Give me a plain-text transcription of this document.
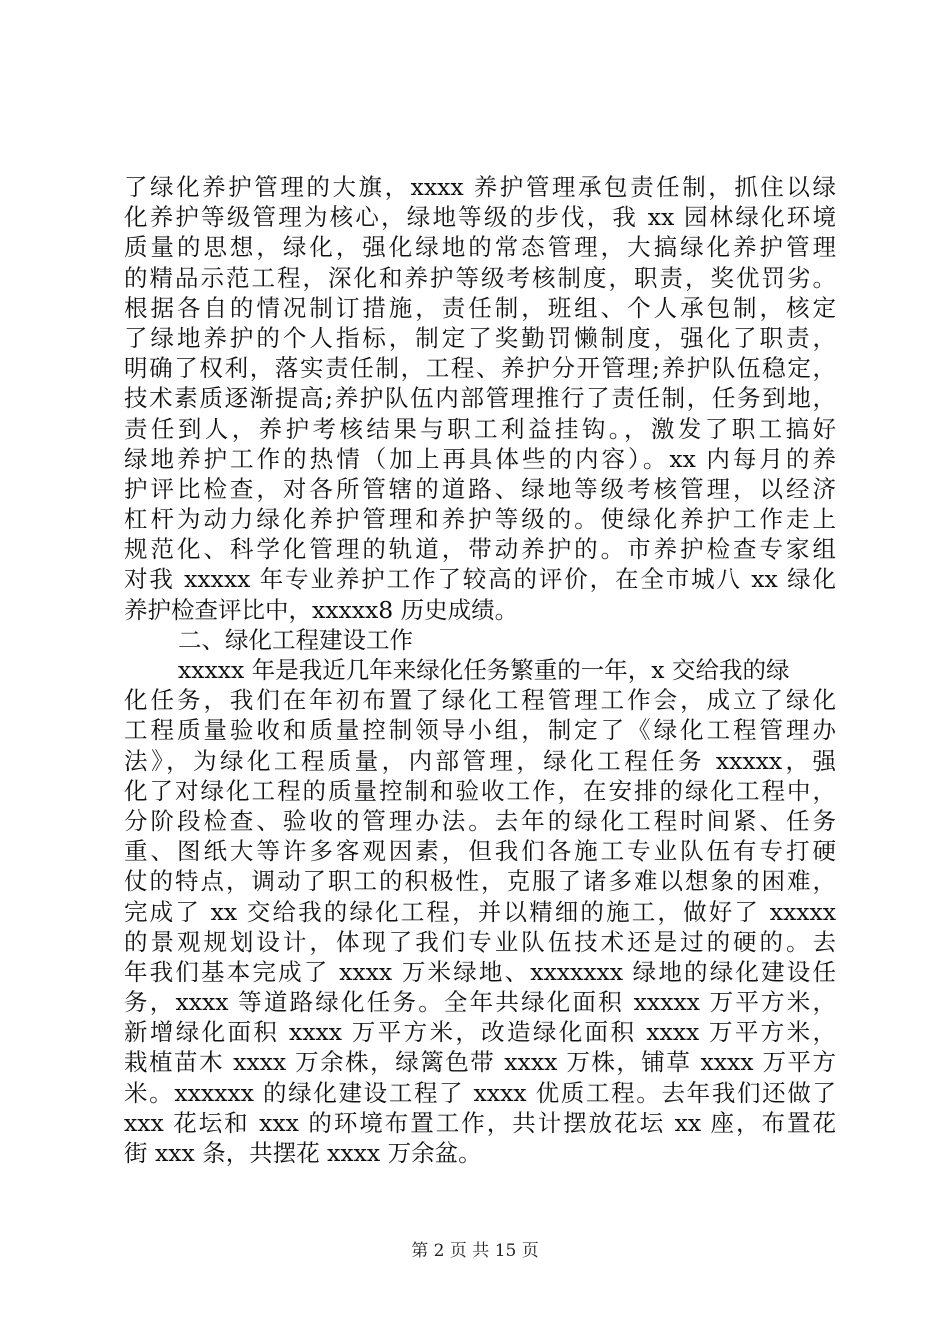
了绿化养护管理的大旗，xxxx 养护管理承包责任制，抓住以绿
化养护等级管理为核心，绿地等级的步伐，我 xx 园林绿化环境
质量的思想，绿化，强化绿地的常态管理，大搞绿化养护管理
的精品示范工程，深化和养护等级考核制度，职责，奖优罚劣。
根据各自的情况制订措施，责任制，班组、个人承包制，核定
了绿地养护的个人指标，制定了奖勤罚懒制度，强化了职责，
明确了权利，落实责任制，工程、养护分开管理;养护队伍稳定，
技术素质逐渐提高;养护队伍内部管理推行了责任制，任务到地，
责任到人，养护考核结果与职工利益挂钩。，激发了职工搞好
绿地养护工作的热情（加上再具体些的内容）。xx 内每月的养
护评比检查，对各所管辖的道路、绿地等级考核管理，以经济
杠杆为动力绿化养护管理和养护等级的。使绿化养护工作走上
规范化、科学化管理的轨道，带动养护的。市养护检查专家组
对我 xxxxx 年专业养护工作了较高的评价，在全市城八 xx 绿化
养护检查评比中，xxxxx8 历史成绩。
二、绿化工程建设工作
xxxxx 年是我近几年来绿化任务繁重的一年，x 交给我的绿
化任务，我们在年初布置了绿化工程管理工作会，成立了绿化
工程质量验收和质量控制领导小组，制定了《绿化工程管理办
法》，为绿化工程质量，内部管理，绿化工程任务 xxxxx，强
化了对绿化工程的质量控制和验收工作，在安排的绿化工程中，
分阶段检查、验收的管理办法。去年的绿化工程时间紧、任务
重、图纸大等许多客观因素，但我们各施工专业队伍有专打硬
仗的特点，调动了职工的积极性，克服了诸多难以想象的困难，
完成了 xx 交给我的绿化工程，并以精细的施工，做好了 xxxxx
的景观规划设计，体现了我们专业队伍技术还是过的硬的。去
年我们基本完成了 xxxx 万米绿地、xxxxxxx 绿地的绿化建设任
务，xxxx 等道路绿化任务。全年共绿化面积 xxxxx 万平方米，
新增绿化面积 xxxx 万平方米，改造绿化面积 xxxx 万平方米，
栽植苗木 xxxx 万余株，绿篱色带 xxxx 万株，铺草 xxxx 万平方
米。xxxxxx 的绿化建设工程了 xxxx 优质工程。去年我们还做了
xxx 花坛和 xxx 的环境布置工作，共计摆放花坛 xx 座，布置花
街 xxx 条，共摆花 xxxx 万余盆。
第 2 页 共 15 页
